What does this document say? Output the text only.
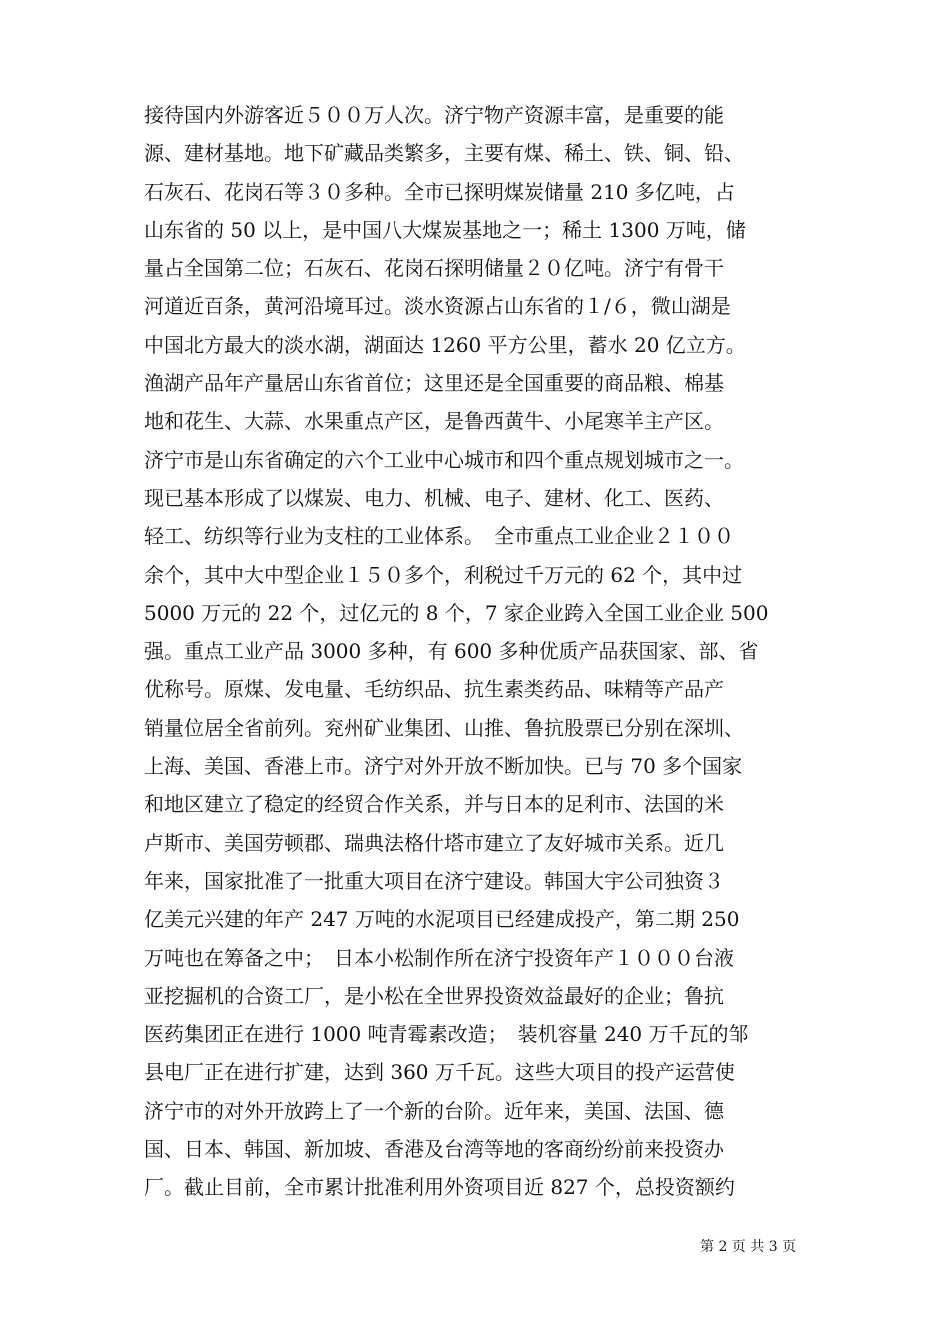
接待国内外游客近５００万人次。济宁物产资源丰富，是重要的能
源、建材基地。地下矿藏品类繁多，主要有煤、稀土、铁、铜、铅、
石灰石、花岗石等３０多种。全市已探明煤炭储量 210 多亿吨，占
山东省的 50 以上，是中国八大煤炭基地之一；稀土 1300 万吨，储
量占全国第二位；石灰石、花岗石探明储量２０亿吨。济宁有骨干
河道近百条，黄河沿境耳过。淡水资源占山东省的１/６，微山湖是
中国北方最大的淡水湖，湖面达 1260 平方公里，蓄水 20 亿立方。
渔湖产品年产量居山东省首位；这里还是全国重要的商品粮、棉基
地和花生、大蒜、水果重点产区，是鲁西黄牛、小尾寒羊主产区。
济宁市是山东省确定的六个工业中心城市和四个重点规划城市之一。
现已基本形成了以煤炭、电力、机械、电子、建材、化工、医药、
轻工、纺织等行业为支柱的工业体系。　全市重点工业企业２１００
余个，其中大中型企业１５０多个，利税过千万元的 62 个，其中过
5000 万元的 22 个，过亿元的 8 个，7 家企业跨入全国工业企业 500
强。重点工业产品 3000 多种，有 600 多种优质产品获国家、部、省
优称号。原煤、发电量、毛纺织品、抗生素类药品、味精等产品产
销量位居全省前列。兖州矿业集团、山推、鲁抗股票已分别在深圳、
上海、美国、香港上市。济宁对外开放不断加快。已与 70 多个国家
和地区建立了稳定的经贸合作关系，并与日本的足利市、法国的米
卢斯市、美国劳顿郡、瑞典法格什塔市建立了友好城市关系。近几
年来，国家批准了一批重大项目在济宁建设。韩国大宇公司独资３
亿美元兴建的年产 247 万吨的水泥项目已经建成投产，第二期 250
万吨也在筹备之中；　日本小松制作所在济宁投资年产１０００台液
亚挖掘机的合资工厂，是小松在全世界投资效益最好的企业；鲁抗
医药集团正在进行 1000 吨青霉素改造；　装机容量 240 万千瓦的邹
县电厂正在进行扩建，达到 360 万千瓦。这些大项目的投产运营使
济宁市的对外开放跨上了一个新的台阶。近年来，美国、法国、德
国、日本、韩国、新加坡、香港及台湾等地的客商纷纷前来投资办
厂。截止目前，全市累计批准利用外资项目近 827 个，总投资额约
第 2 页 共 3 页
